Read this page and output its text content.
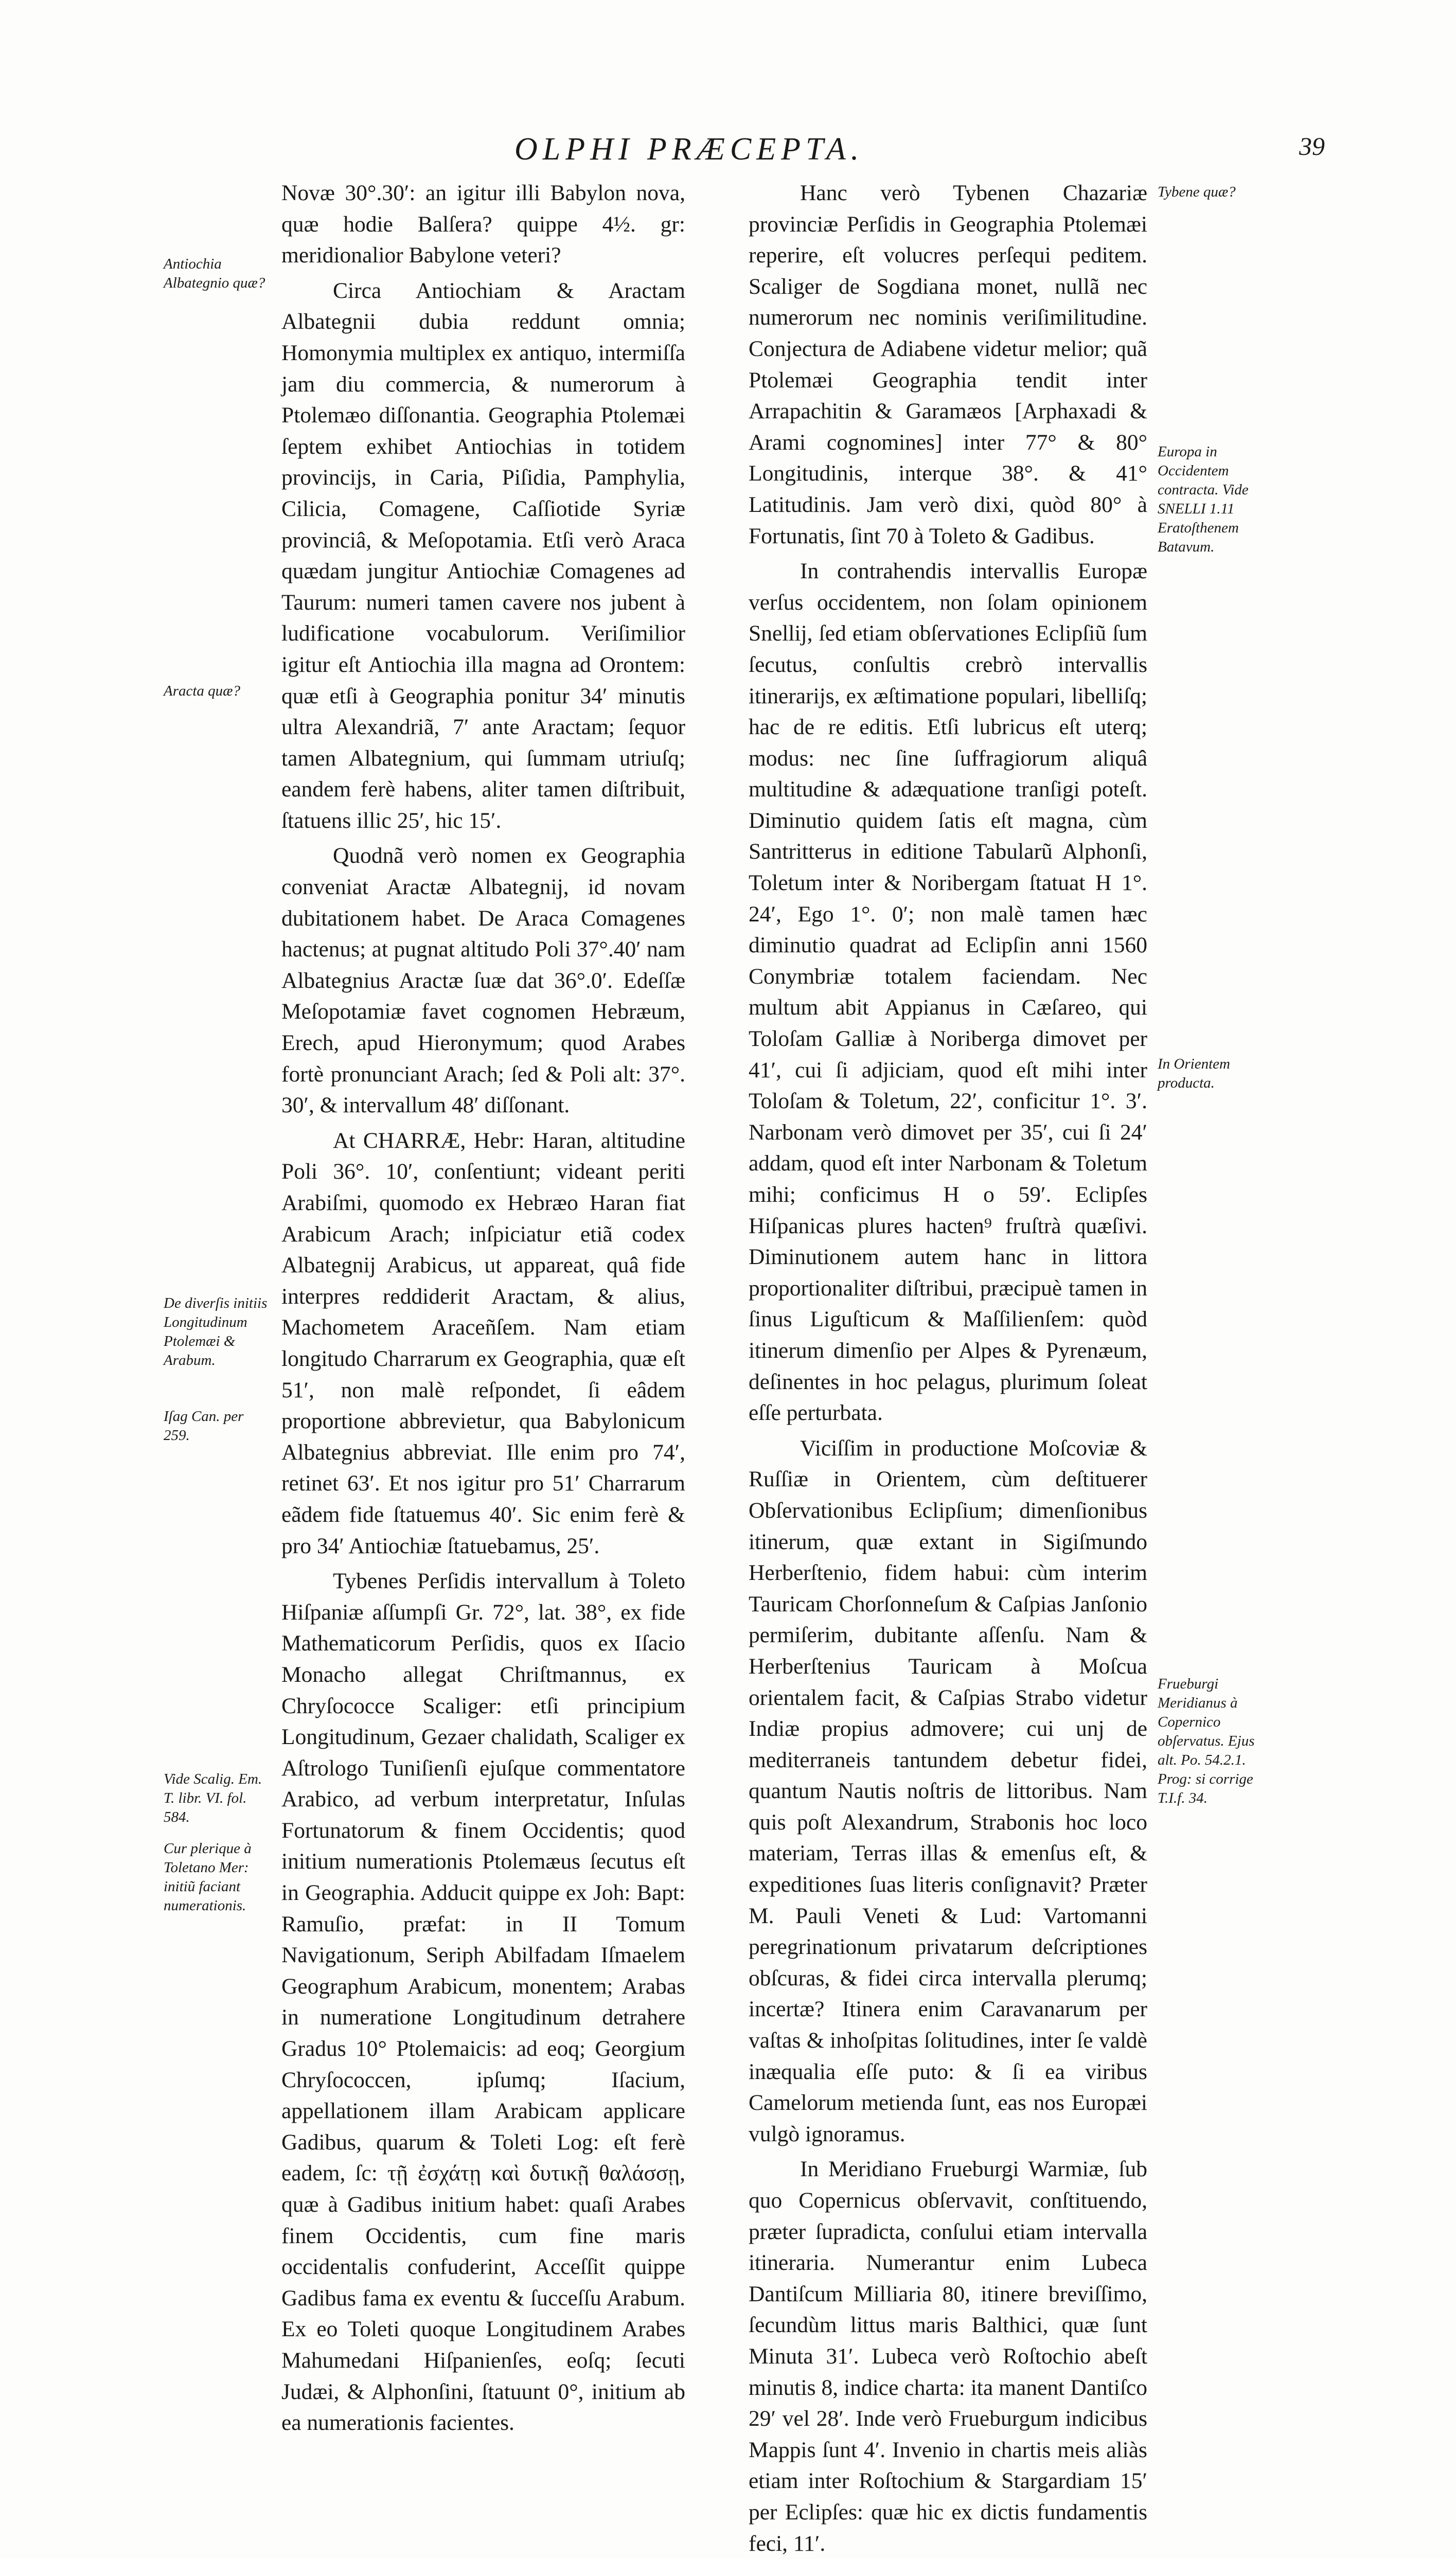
OLPHI PRÆCEPTA.	39
Antiochia Albategnio quæ?
Aracta quæ?
De diverſis initiis Longitudinum Ptolemæi & Arabum.
Iſag Can. per 259.
Vide Scalig. Em. T. libr. VI. fol. 584.
Cur plerique à Toletano Mer: initiũ faciant numerationis.

Novæ 30°.30′: an igitur illi Babylon nova, quæ hodie Balſera? quippe 4½. gr: meridionalior Babylone veteri?

Circa Antiochiam & Aractam Albategnii dubia reddunt omnia; Homonymia multiplex ex antiquo, intermiſſa jam diu commercia, & numerorum à Ptolemæo diſſonantia. Geographia Ptolemæi ſeptem exhibet Antiochias in totidem provincijs, in Caria, Piſidia, Pamphylia, Cilicia, Comagene, Caſſiotide Syriæ provinciâ, & Meſopotamia. Etſi verò Araca quædam jungitur Antiochiæ Comagenes ad Taurum: numeri tamen cavere nos jubent à ludificatione vocabulorum. Veriſimilior igitur eſt Antiochia illa magna ad Orontem: quæ etſi à Geographia ponitur 34′ minutis ultra Alexandriã, 7′ ante Aractam; ſequor tamen Albategnium, qui ſummam utriuſq; eandem ferè habens, aliter tamen diſtribuit, ſtatuens illic 25′, hic 15′.

Quodnã verò nomen ex Geographia conveniat Aractæ Albategnij, id novam dubitationem habet. De Araca Comagenes hactenus; at pugnat altitudo Poli 37°.40′ nam Albategnius Aractæ ſuæ dat 36°.0′. Edeſſæ Meſopotamiæ favet cognomen Hebræum, Erech, apud Hieronymum; quod Arabes fortè pronunciant Arach; ſed & Poli alt: 37°. 30′, & intervallum 48′ diſſonant.

At CHARRÆ, Hebr: Haran, altitudine Poli 36°. 10′, conſentiunt; videant periti Arabiſmi, quomodo ex Hebræo Haran fiat Arabicum Arach; inſpiciatur etiã codex Albategnij Arabicus, ut appareat, quâ fide interpres reddiderit Aractam, & alius, Machometem Araceñſem. Nam etiam longitudo Charrarum ex Geographia, quæ eſt 51′, non malè reſpondet, ſi eâdem proportione abbrevietur, qua Babylonicum Albategnius abbreviat. Ille enim pro 74′, retinet 63′. Et nos igitur pro 51′ Charrarum eãdem fide ſtatuemus 40′. Sic enim ferè & pro 34′ Antiochiæ ſtatuebamus, 25′.

Tybenes Perſidis intervallum à Toleto Hiſpaniæ aſſumpſi Gr. 72°, lat. 38°, ex fide Mathematicorum Perſidis, quos ex Iſacio Monacho allegat Chriſtmannus, ex Chryſococce Scaliger: etſi principium Longitudinum, Gezaer chalidath, Scaliger ex Aſtrologo Tuniſienſi ejuſque commentatore Arabico, ad verbum interpretatur, Inſulas Fortunatorum & finem Occidentis; quod initium numerationis Ptolemæus ſecutus eſt in Geographia. Adducit quippe ex Joh: Bapt: Ramuſio, præfat: in II Tomum Navigationum, Seriph Abilfadam Iſmaelem Geographum Arabicum, monentem; Arabas in numeratione Longitudinum detrahere Gradus 10° Ptolemaicis: ad eoq; Georgium Chryſococcen, ipſumq; Iſacium, appellationem illam Arabicam applicare Gadibus, quarum & Toleti Log: eſt ferè eadem, ſc: τῇ ἐσχάτῃ καὶ δυτικῇ θαλάσσῃ, quæ à Gadibus initium habet: quaſi Arabes finem Occidentis, cum fine maris occidentalis confuderint, Acceſſit quippe Gadibus fama ex eventu & ſucceſſu Arabum. Ex eo Toleti quoque Longitudinem Arabes Mahumedani Hiſpanienſes, eoſq; ſecuti Judæi, & Alphonſini, ſtatuunt 0°, initium ab ea numerationis facientes.

Hanc verò Tybenen Chazariæ provinciæ Perſidis in Geographia Ptolemæi reperire, eſt volucres perſequi peditem. Scaliger de Sogdiana monet, nullã nec numerorum nec nominis veriſimilitudine. Conjectura de Adiabene videtur melior; quã Ptolemæi Geographia tendit inter Arrapachitin & Garamæos [Arphaxadi & Arami cognomines] inter 77° & 80° Longitudinis, interque 38°. & 41° Latitudinis. Jam verò dixi, quòd 80° à Fortunatis, ſint 70 à Toleto & Gadibus.

In contrahendis intervallis Europæ verſus occidentem, non ſolam opinionem Snellij, ſed etiam obſervationes Eclipſiũ ſum ſecutus, conſultis crebrò intervallis itinerarijs, ex æſtimatione populari, libelliſq; hac de re editis. Etſi lubricus eſt uterq; modus: nec ſine ſuffragiorum aliquâ multitudine & adæquatione tranſigi poteſt. Diminutio quidem ſatis eſt magna, cùm Santritterus in editione Tabularũ Alphonſi, Toletum inter & Noribergam ſtatuat H 1°. 24′, Ego 1°. 0′; non malè tamen hæc diminutio quadrat ad Eclipſin anni 1560 Conymbriæ totalem faciendam. Nec multum abit Appianus in Cæſareo, qui Toloſam Galliæ à Noriberga dimovet per 41′, cui ſi adjiciam, quod eſt mihi inter Toloſam & Toletum, 22′, conficitur 1°. 3′. Narbonam verò dimovet per 35′, cui ſi 24′ addam, quod eſt inter Narbonam & Toletum mihi; conficimus H o 59′. Eclipſes Hiſpanicas plures hacten⁹ fruſtrà quæſivi. Diminutionem autem hanc in littora proportionaliter diſtribui, præcipuè tamen in ſinus Liguſticum & Maſſilienſem: quòd itinerum dimenſio per Alpes & Pyrenæum, deſinentes in hoc pelagus, plurimum ſoleat eſſe perturbata.

Viciſſim in productione Moſcoviæ & Ruſſiæ in Orientem, cùm deſtituerer Obſervationibus Eclipſium; dimenſionibus itinerum, quæ extant in Sigiſmundo Herberſtenio, fidem habui: cùm interim Tauricam Chorſonneſum & Caſpias Janſonio permiſerim, dubitante aſſenſu. Nam & Herberſtenius Tauricam à Moſcua orientalem facit, & Caſpias Strabo videtur Indiæ propius admovere; cui unj de mediterraneis tantundem debetur fidei, quantum Nautis noſtris de littoribus. Nam quis poſt Alexandrum, Strabonis hoc loco materiam, Terras illas & emenſus eſt, & expeditiones ſuas literis conſignavit? Præter M. Pauli Veneti & Lud: Vartomanni peregrinationum privatarum deſcriptiones obſcuras, & fidei circa intervalla plerumq; incertæ? Itinera enim Caravanarum per vaſtas & inhoſpitas ſolitudines, inter ſe valdè inæqualia eſſe puto: & ſi ea viribus Camelorum metienda ſunt, eas nos Europæi vulgò ignoramus.

In Meridiano Frueburgi Warmiæ, ſub quo Copernicus obſervavit, conſtituendo, præter ſupradicta, conſului etiam intervalla itineraria. Numerantur enim Lubeca Dantiſcum Milliaria 80, itinere breviſſimo, ſecundùm littus maris Balthici, quæ ſunt Minuta 31′. Lubeca verò Roſtochio abeſt minutis 8, indice charta: ita manent Dantiſco 29′ vel 28′. Inde verò Frueburgum indicibus Mappis ſunt 4′. Invenio in chartis meis aliàs etiam inter Roſtochium & Stargardiam 15′ per Eclipſes: quæ hic ex dictis fundamentis feci, 11′.

Tybene quæ?
Europa in Occidentem contracta. Vide SNELLI 1.11 Eratoſthenem Batavum.
In Orientem producta.
Frueburgi Meridianus à Copernico obſervatus. Ejus alt. Po. 54.2.1. Prog: si corrige T.I.f. 34.
